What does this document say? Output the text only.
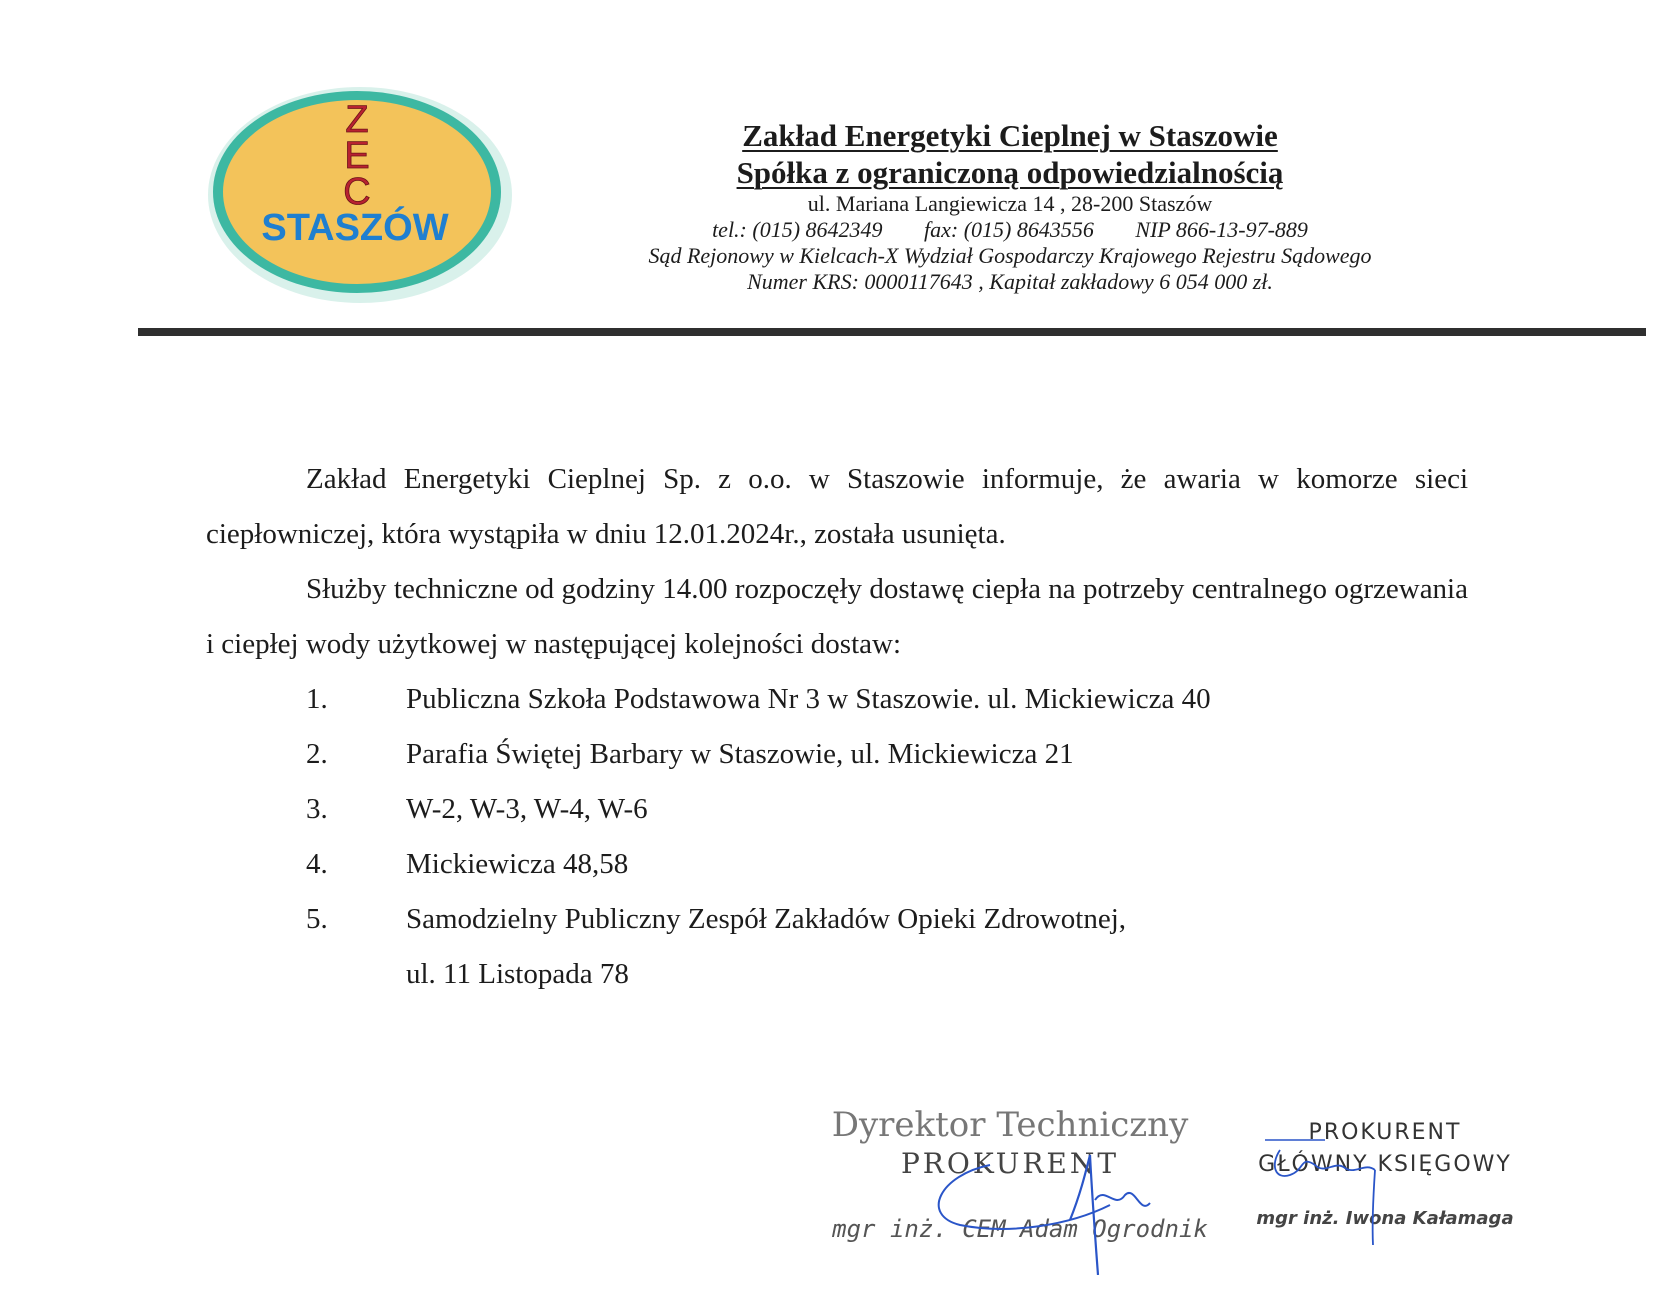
Z
E
C
STASZÓW
Zakład Energetyki Cieplnej w Staszowie
Spółka z ograniczoną odpowiedzialnością
ul. Mariana Langiewicza 14 , 28-200 Staszów
tel.: (015) 8642349 fax: (015) 8643556 NIP 866-13-97-889
Sąd Rejonowy w Kielcach-X Wydział Gospodarczy Krajowego Rejestru Sądowego
Numer KRS: 0000117643 , Kapitał zakładowy 6 054 000 zł.

Zakład Energetyki Cieplnej Sp. z o.o. w Staszowie informuje, że awaria w komorze sieci ciepłowniczej, która wystąpiła w dniu 12.01.2024r., została usunięta.

Służby techniczne od godziny 14.00 rozpoczęły dostawę ciepła na potrzeby centralnego ogrzewania i ciepłej wody użytkowej w następującej kolejności dostaw:

1.	Publiczna Szkoła Podstawowa Nr 3 w Staszowie. ul. Mickiewicza 40
2.	Parafia Świętej Barbary w Staszowie, ul. Mickiewicza 21
3.	W-2, W-3, W-4, W-6
4.	Mickiewicza 48,58
5.	Samodzielny Publiczny Zespół Zakładów Opieki Zdrowotnej,
ul. 11 Listopada 78
Dyrektor Techniczny
PROKURENT
mgr inż. CEM Adam Ogrodnik
PROKURENT
GŁÓWNY KSIĘGOWY
mgr inż. Iwona Kałamaga
